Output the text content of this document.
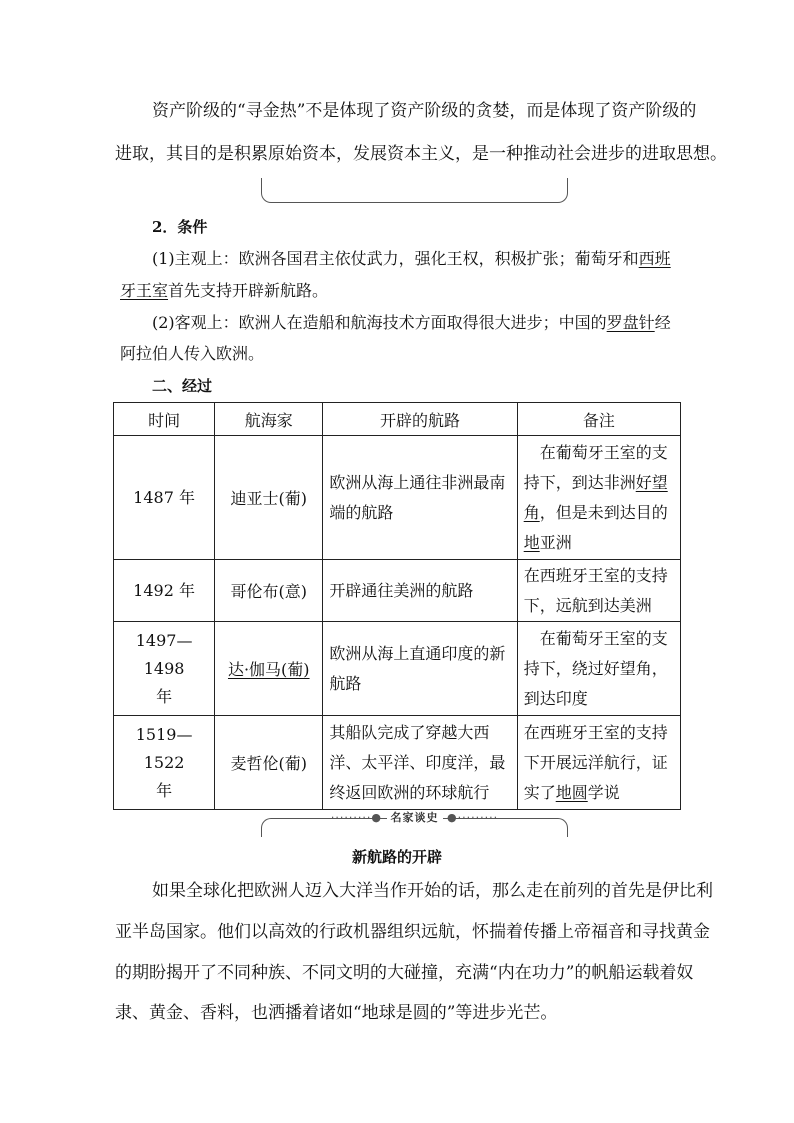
资产阶级的“寻金热”不是体现了资产阶级的贪婪，而是体现了资产阶级的
进取，其目的是积累原始资本，发展资本主义，是一种推动社会进步的进取思想。
2．条件
(1)主观上：欧洲各国君主依仗武力，强化王权，积极扩张；葡萄牙和西班
牙王室首先支持开辟新航路。
(2)客观上：欧洲人在造船和航海技术方面取得很大进步；中国的罗盘针经
阿拉伯人传入欧洲。
二、经过
时间	航海家	开辟的航路	备注
1487 年	迪亚士(葡)	欧洲从海上通往非洲最南端的航路	在葡萄牙王室的支持下，到达非洲好望角，但是未到达目的地亚洲
1492 年	哥伦布(意)	开辟通往美洲的航路	在西班牙王室的支持下，远航到达美洲

1497—1498
年	达·伽马(葡)	欧洲从海上直通印度的新航路	在葡萄牙王室的支持下，绕过好望角，到达印度

1519—1522
年	麦哲伦(葡)	其船队完成了穿越大西洋、太平洋、印度洋，最终返回欧洲的环球航行	在西班牙王室的支持下开展远洋航行，证实了地圆学说
·········● 名家谈史 ●·········
新航路的开辟
如果全球化把欧洲人迈入大洋当作开始的话，那么走在前列的首先是伊比利
亚半岛国家。他们以高效的行政机器组织远航，怀揣着传播上帝福音和寻找黄金
的期盼揭开了不同种族、不同文明的大碰撞，充满“内在功力”的帆船运载着奴
隶、黄金、香料，也洒播着诸如“地球是圆的”等进步光芒。
